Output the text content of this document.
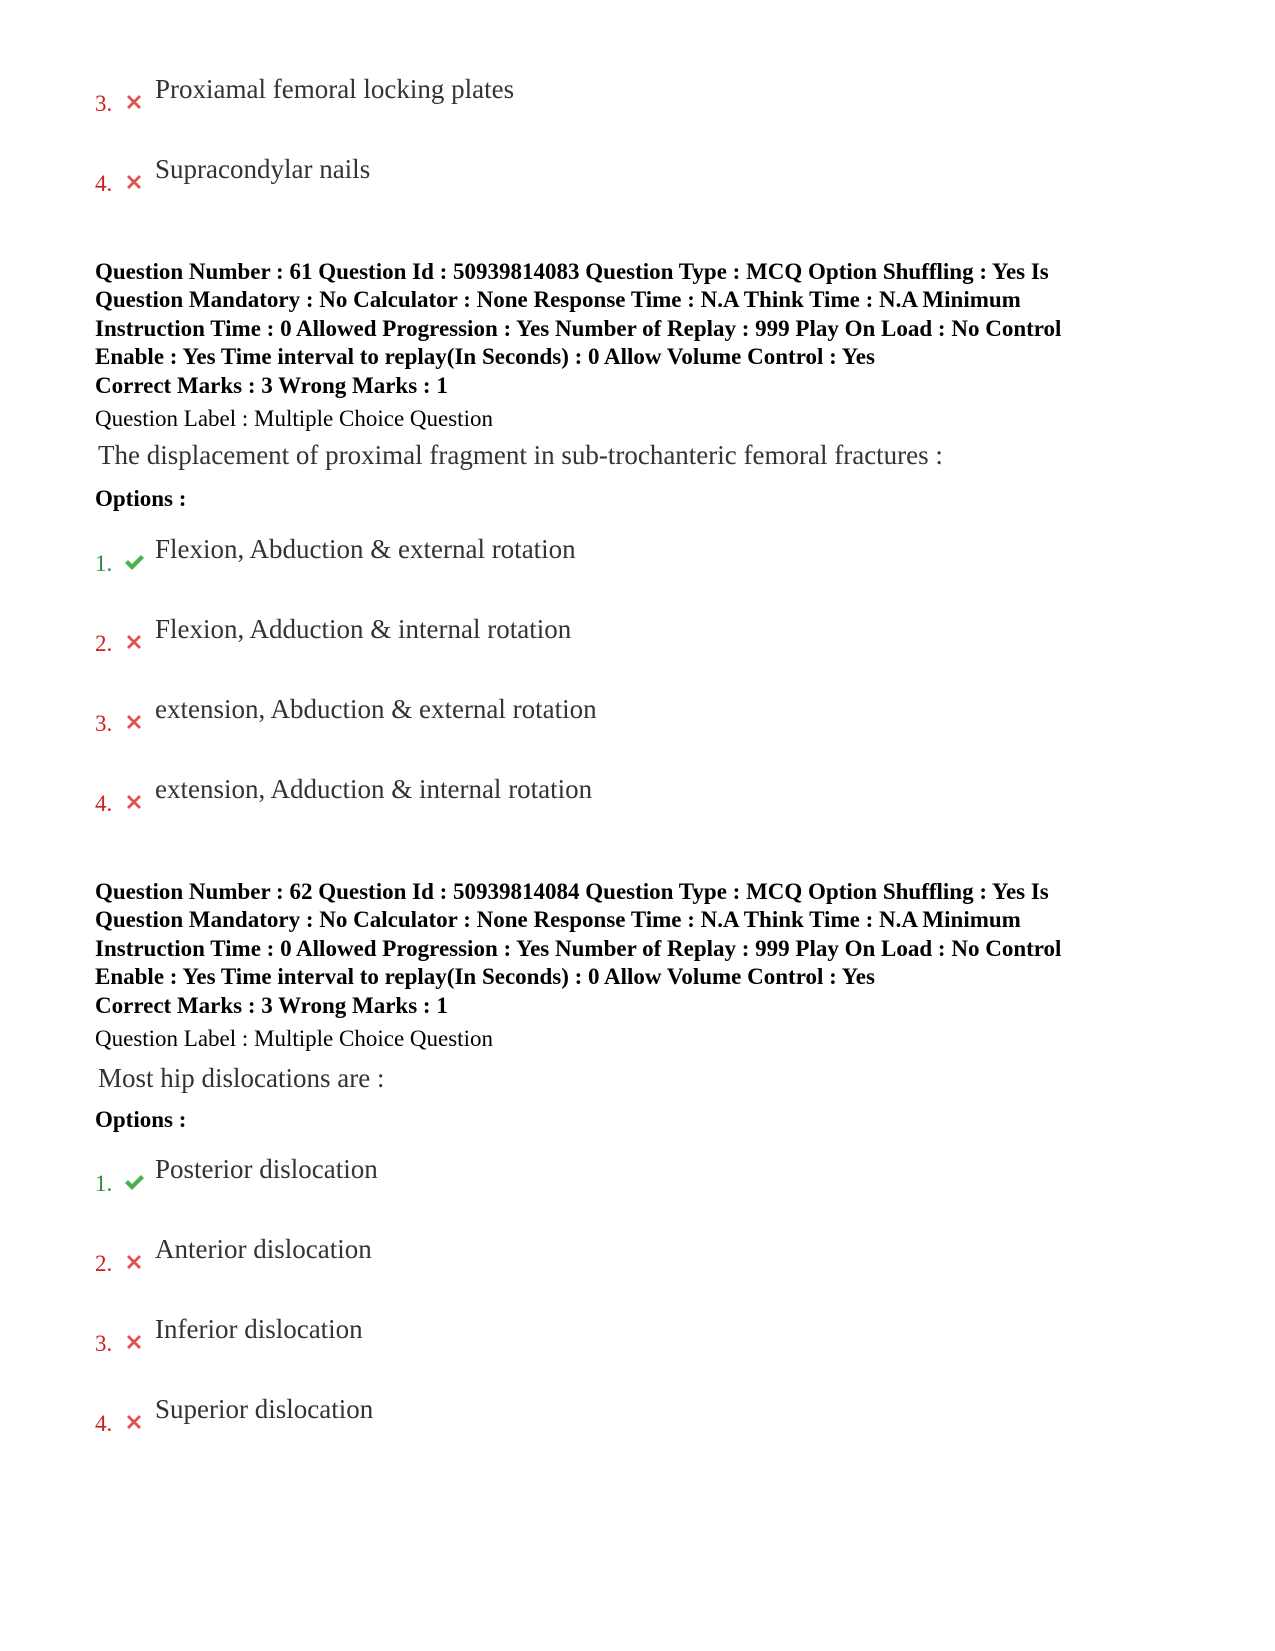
3. Proxiamal femoral locking plates
4. Supracondylar nails
Question Number : 61 Question Id : 50939814083 Question Type : MCQ Option Shuffling : Yes Is
Question Mandatory : No Calculator : None Response Time : N.A Think Time : N.A Minimum
Instruction Time : 0 Allowed Progression : Yes Number of Replay : 999 Play On Load : No Control
Enable : Yes Time interval to replay(In Seconds) : 0 Allow Volume Control : Yes
Correct Marks : 3 Wrong Marks : 1
Question Label : Multiple Choice Question
The displacement of proximal fragment in sub-trochanteric femoral fractures :
Options :
1. Flexion, Abduction & external rotation
2. Flexion, Adduction & internal rotation
3. extension, Abduction & external rotation
4. extension, Adduction & internal rotation
Question Number : 62 Question Id : 50939814084 Question Type : MCQ Option Shuffling : Yes Is
Question Mandatory : No Calculator : None Response Time : N.A Think Time : N.A Minimum
Instruction Time : 0 Allowed Progression : Yes Number of Replay : 999 Play On Load : No Control
Enable : Yes Time interval to replay(In Seconds) : 0 Allow Volume Control : Yes
Correct Marks : 3 Wrong Marks : 1
Question Label : Multiple Choice Question
Most hip dislocations are :
Options :
1. Posterior dislocation
2. Anterior dislocation
3. Inferior dislocation
4. Superior dislocation
